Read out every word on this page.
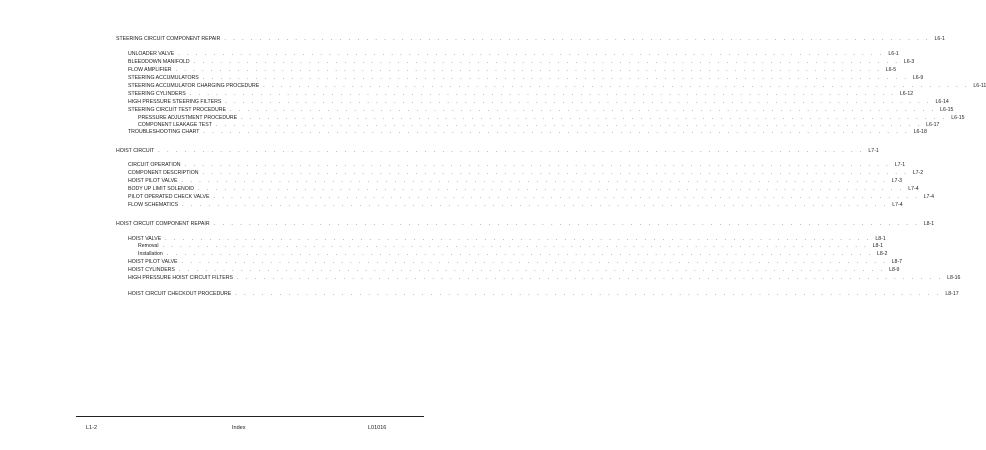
STEERING CIRCUIT COMPONENT REPAIR . . . . . . . . . . . . . . . . . . . . . . . . . . . . . . . . . . . . . . . . . . . . . . . . . . . . . . . . . . . . . . . . . . . . . . . . . . . . . . . . L6-1
UNLOADER VALVE . . . . . . . . . . . . . . . . . . . . . . . . . . . . . . . . . . . . . . . . . . . . . . . . . . . . . . . . . . . . . . . . . . . . . . . . . . . . . . . . L6-1
BLEEDDOWN MANIFOLD . . . . . . . . . . . . . . . . . . . . . . . . . . . . . . . . . . . . . . . . . . . . . . . . . . . . . . . . . . . . . . . . . . . . . . . . . . . . . . . . L6-3
FLOW AMPLIFIER . . . . . . . . . . . . . . . . . . . . . . . . . . . . . . . . . . . . . . . . . . . . . . . . . . . . . . . . . . . . . . . . . . . . . . . . . . . . . . . . L6-5
STEERING ACCUMULATORS . . . . . . . . . . . . . . . . . . . . . . . . . . . . . . . . . . . . . . . . . . . . . . . . . . . . . . . . . . . . . . . . . . . . . . . . . . . . . . . . L6-9
STEERING ACCUMULATOR CHARGING PROCEDURE . . . . . . . . . . . . . . . . . . . . . . . . . . . . . . . . . . . . . . . . . . . . . . . . . . . . . . . . . . . . . . . . . . . . . . . . . . . . . . . . L6-11
STEERING CYLINDERS . . . . . . . . . . . . . . . . . . . . . . . . . . . . . . . . . . . . . . . . . . . . . . . . . . . . . . . . . . . . . . . . . . . . . . . . . . . . . . . . L6-12
HIGH PRESSURE STEERING FILTERS . . . . . . . . . . . . . . . . . . . . . . . . . . . . . . . . . . . . . . . . . . . . . . . . . . . . . . . . . . . . . . . . . . . . . . . . . . . . . . . . L6-14
STEERING CIRCUIT TEST PROCEDURE . . . . . . . . . . . . . . . . . . . . . . . . . . . . . . . . . . . . . . . . . . . . . . . . . . . . . . . . . . . . . . . . . . . . . . . . . . . . . . . . L6-15
PRESSURE ADJUSTMENT PROCEDURE . . . . . . . . . . . . . . . . . . . . . . . . . . . . . . . . . . . . . . . . . . . . . . . . . . . . . . . . . . . . . . . . . . . . . . . . . . . . . . . . L6-15
COMPONENT LEAKAGE TEST . . . . . . . . . . . . . . . . . . . . . . . . . . . . . . . . . . . . . . . . . . . . . . . . . . . . . . . . . . . . . . . . . . . . . . . . . . . . . . . . L6-17
TROUBLESHOOTING CHART . . . . . . . . . . . . . . . . . . . . . . . . . . . . . . . . . . . . . . . . . . . . . . . . . . . . . . . . . . . . . . . . . . . . . . . . . . . . . . . . L6-18
HOIST CIRCUIT . . . . . . . . . . . . . . . . . . . . . . . . . . . . . . . . . . . . . . . . . . . . . . . . . . . . . . . . . . . . . . . . . . . . . . . . . . . . . . . . L7-1
CIRCUIT OPERATION . . . . . . . . . . . . . . . . . . . . . . . . . . . . . . . . . . . . . . . . . . . . . . . . . . . . . . . . . . . . . . . . . . . . . . . . . . . . . . . . L7-1
COMPONENT DESCRIPTION . . . . . . . . . . . . . . . . . . . . . . . . . . . . . . . . . . . . . . . . . . . . . . . . . . . . . . . . . . . . . . . . . . . . . . . . . . . . . . . . L7-2
HOIST PILOT VALVE . . . . . . . . . . . . . . . . . . . . . . . . . . . . . . . . . . . . . . . . . . . . . . . . . . . . . . . . . . . . . . . . . . . . . . . . . . . . . . . . L7-3
BODY UP LIMIT SOLENOID . . . . . . . . . . . . . . . . . . . . . . . . . . . . . . . . . . . . . . . . . . . . . . . . . . . . . . . . . . . . . . . . . . . . . . . . . . . . . . . . L7-4
PILOT OPERATED CHECK VALVE . . . . . . . . . . . . . . . . . . . . . . . . . . . . . . . . . . . . . . . . . . . . . . . . . . . . . . . . . . . . . . . . . . . . . . . . . . . . . . . . L7-4
FLOW SCHEMATICS . . . . . . . . . . . . . . . . . . . . . . . . . . . . . . . . . . . . . . . . . . . . . . . . . . . . . . . . . . . . . . . . . . . . . . . . . . . . . . . . L7-4
HOIST CIRCUIT COMPONENT REPAIR . . . . . . . . . . . . . . . . . . . . . . . . . . . . . . . . . . . . . . . . . . . . . . . . . . . . . . . . . . . . . . . . . . . . . . . . . . . . . . . . L8-1
HOIST VALVE . . . . . . . . . . . . . . . . . . . . . . . . . . . . . . . . . . . . . . . . . . . . . . . . . . . . . . . . . . . . . . . . . . . . . . . . . . . . . . . . L8-1
Removal . . . . . . . . . . . . . . . . . . . . . . . . . . . . . . . . . . . . . . . . . . . . . . . . . . . . . . . . . . . . . . . . . . . . . . . . . . . . . . . . L8-1
Installation . . . . . . . . . . . . . . . . . . . . . . . . . . . . . . . . . . . . . . . . . . . . . . . . . . . . . . . . . . . . . . . . . . . . . . . . . . . . . . . . L8-2
HOIST PILOT VALVE . . . . . . . . . . . . . . . . . . . . . . . . . . . . . . . . . . . . . . . . . . . . . . . . . . . . . . . . . . . . . . . . . . . . . . . . . . . . . . . . L8-7
HOIST CYLINDERS . . . . . . . . . . . . . . . . . . . . . . . . . . . . . . . . . . . . . . . . . . . . . . . . . . . . . . . . . . . . . . . . . . . . . . . . . . . . . . . . L8-9
HIGH PRESSURE HOIST CIRCUIT FILTERS . . . . . . . . . . . . . . . . . . . . . . . . . . . . . . . . . . . . . . . . . . . . . . . . . . . . . . . . . . . . . . . . . . . . . . . . . . . . . . . . L8-16
HOIST CIRCUIT CHECKOUT PROCEDURE . . . . . . . . . . . . . . . . . . . . . . . . . . . . . . . . . . . . . . . . . . . . . . . . . . . . . . . . . . . . . . . . . . . . . . . . . . . . . . . . L8-17
L1-2	Index	L01016
